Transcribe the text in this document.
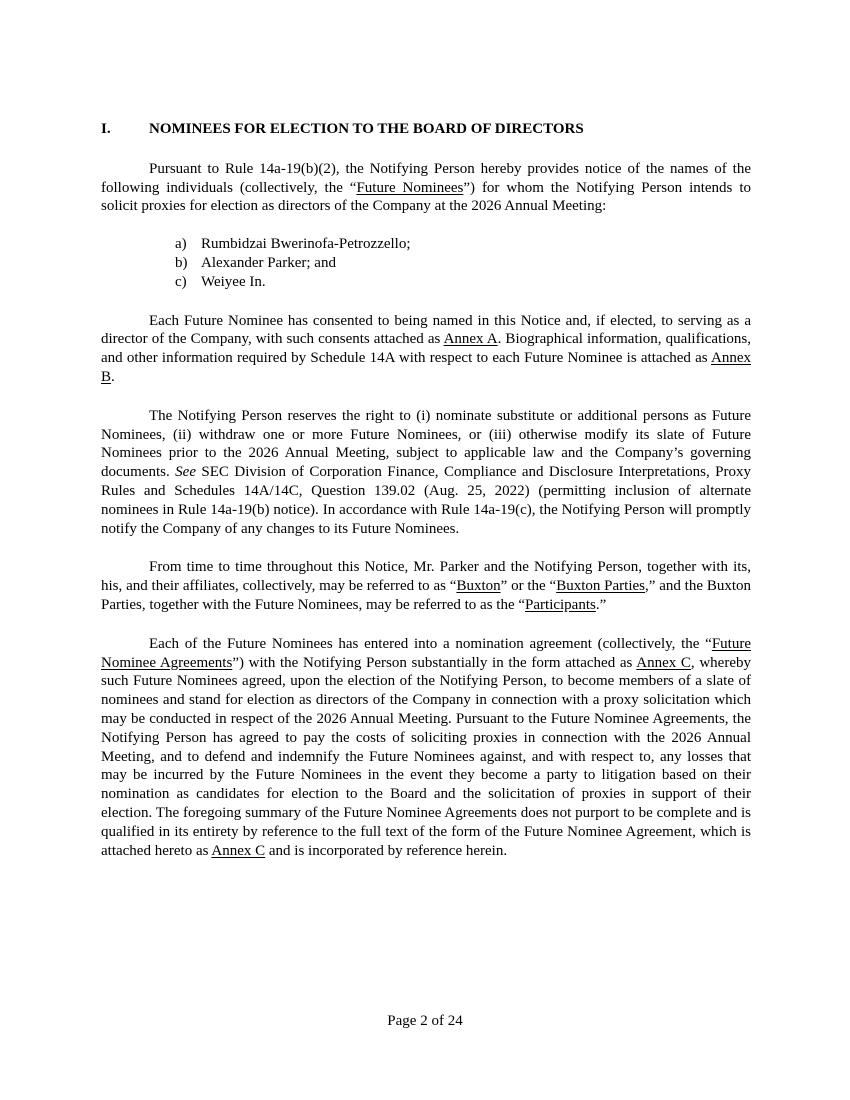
I.	NOMINEES FOR ELECTION TO THE BOARD OF DIRECTORS

Pursuant to Rule 14a-19(b)(2), the Notifying Person hereby provides notice of the names of the following individuals (collectively, the “Future Nominees”) for whom the Notifying Person intends to solicit proxies for election as directors of the Company at the 2026 Annual Meeting:

a) Rumbidzai Bwerinofa-Petrozzello;
b) Alexander Parker; and
c) Weiyee In.

Each Future Nominee has consented to being named in this Notice and, if elected, to serving as a director of the Company, with such consents attached as Annex A. Biographical information, qualifications, and other information required by Schedule 14A with respect to each Future Nominee is attached as Annex B.

The Notifying Person reserves the right to (i) nominate substitute or additional persons as Future Nominees, (ii) withdraw one or more Future Nominees, or (iii) otherwise modify its slate of Future Nominees prior to the 2026 Annual Meeting, subject to applicable law and the Company’s governing documents. See SEC Division of Corporation Finance, Compliance and Disclosure Interpretations, Proxy Rules and Schedules 14A/14C, Question 139.02 (Aug. 25, 2022) (permitting inclusion of alternate nominees in Rule 14a-19(b) notice). In accordance with Rule 14a-19(c), the Notifying Person will promptly notify the Company of any changes to its Future Nominees.

From time to time throughout this Notice, Mr. Parker and the Notifying Person, together with its, his, and their affiliates, collectively, may be referred to as “Buxton” or the “Buxton Parties,” and the Buxton Parties, together with the Future Nominees, may be referred to as the “Participants.”

Each of the Future Nominees has entered into a nomination agreement (collectively, the “Future Nominee Agreements”) with the Notifying Person substantially in the form attached as Annex C, whereby such Future Nominees agreed, upon the election of the Notifying Person, to become members of a slate of nominees and stand for election as directors of the Company in connection with a proxy solicitation which may be conducted in respect of the 2026 Annual Meeting. Pursuant to the Future Nominee Agreements, the Notifying Person has agreed to pay the costs of soliciting proxies in connection with the 2026 Annual Meeting, and to defend and indemnify the Future Nominees against, and with respect to, any losses that may be incurred by the Future Nominees in the event they become a party to litigation based on their nomination as candidates for election to the Board and the solicitation of proxies in support of their election. The foregoing summary of the Future Nominee Agreements does not purport to be complete and is qualified in its entirety by reference to the full text of the form of the Future Nominee Agreement, which is attached hereto as Annex C and is incorporated by reference herein.

Page 2 of 24
